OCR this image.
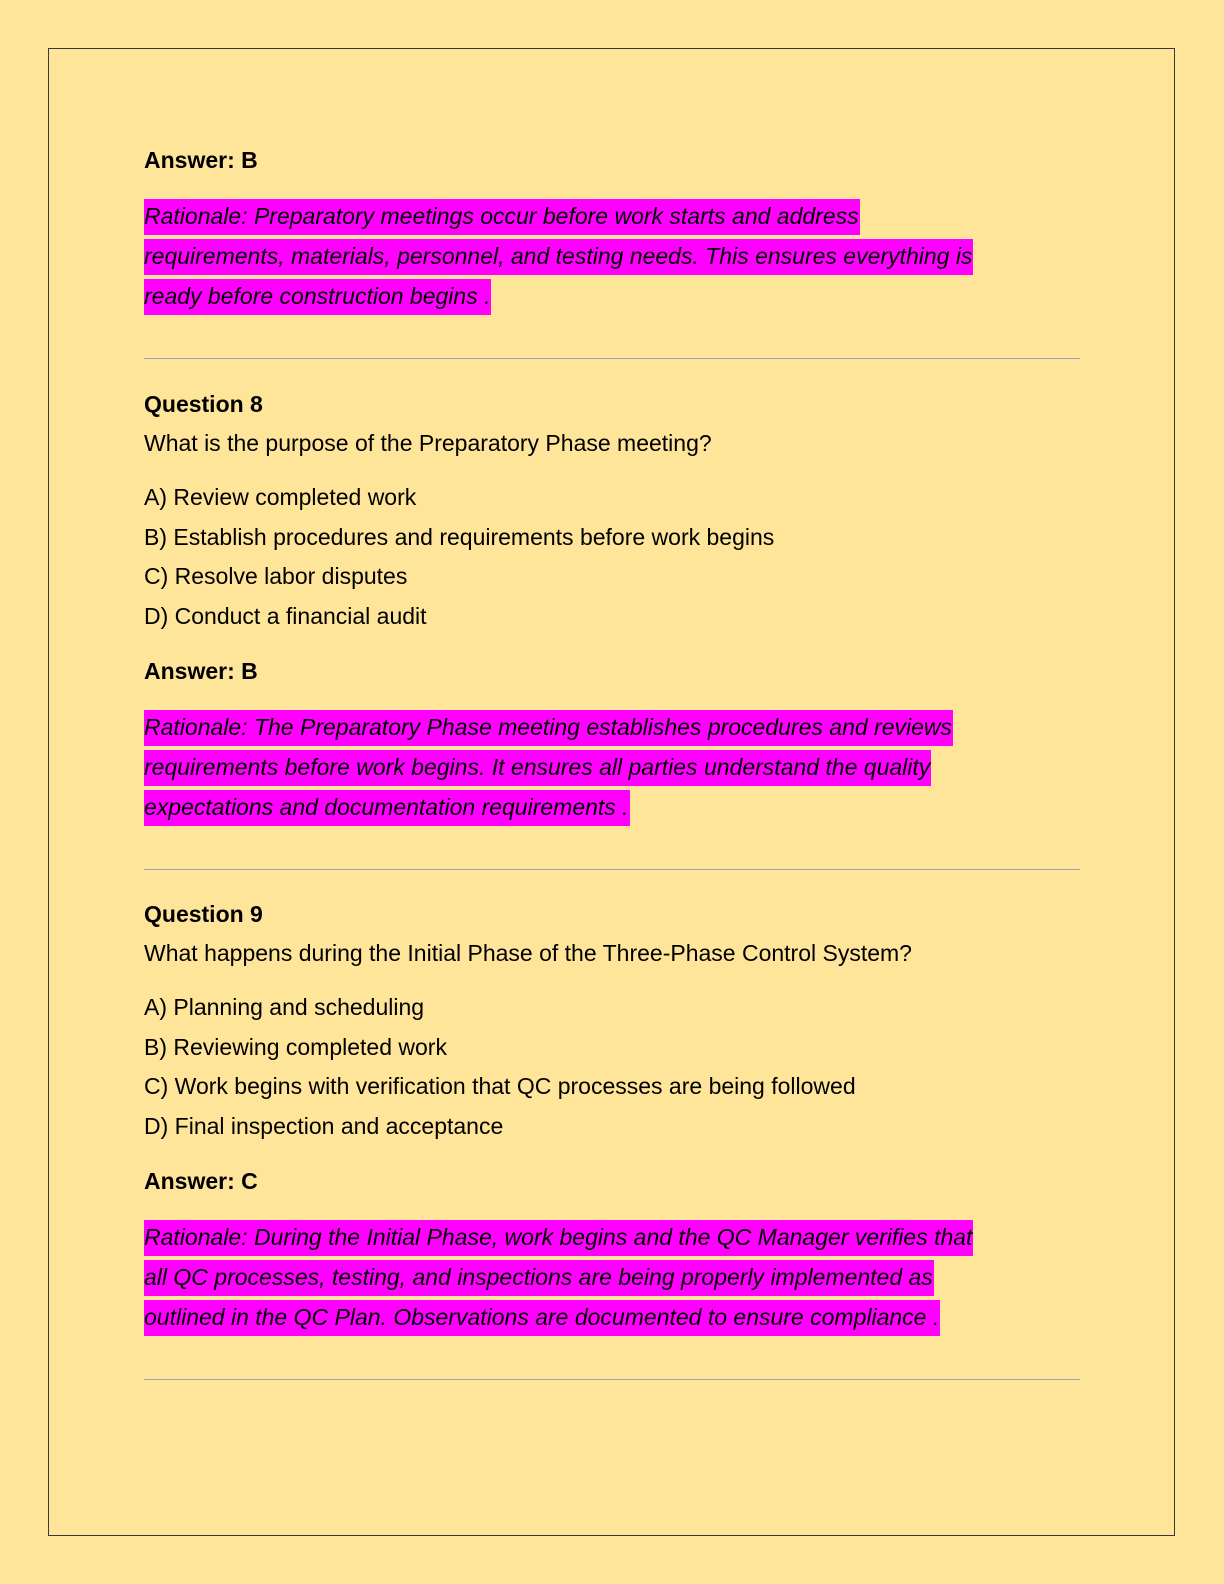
Answer: B

Rationale: Preparatory meetings occur before work starts and address
requirements, materials, personnel, and testing needs. This ensures everything is
ready before construction begins .

Question 8

What is the purpose of the Preparatory Phase meeting?

A) Review completed work
B) Establish procedures and requirements before work begins
C) Resolve labor disputes
D) Conduct a financial audit

Answer: B

Rationale: The Preparatory Phase meeting establishes procedures and reviews
requirements before work begins. It ensures all parties understand the quality
expectations and documentation requirements .

Question 9

What happens during the Initial Phase of the Three-Phase Control System?

A) Planning and scheduling
B) Reviewing completed work
C) Work begins with verification that QC processes are being followed
D) Final inspection and acceptance

Answer: C

Rationale: During the Initial Phase, work begins and the QC Manager verifies that
all QC processes, testing, and inspections are being properly implemented as
outlined in the QC Plan. Observations are documented to ensure compliance .
